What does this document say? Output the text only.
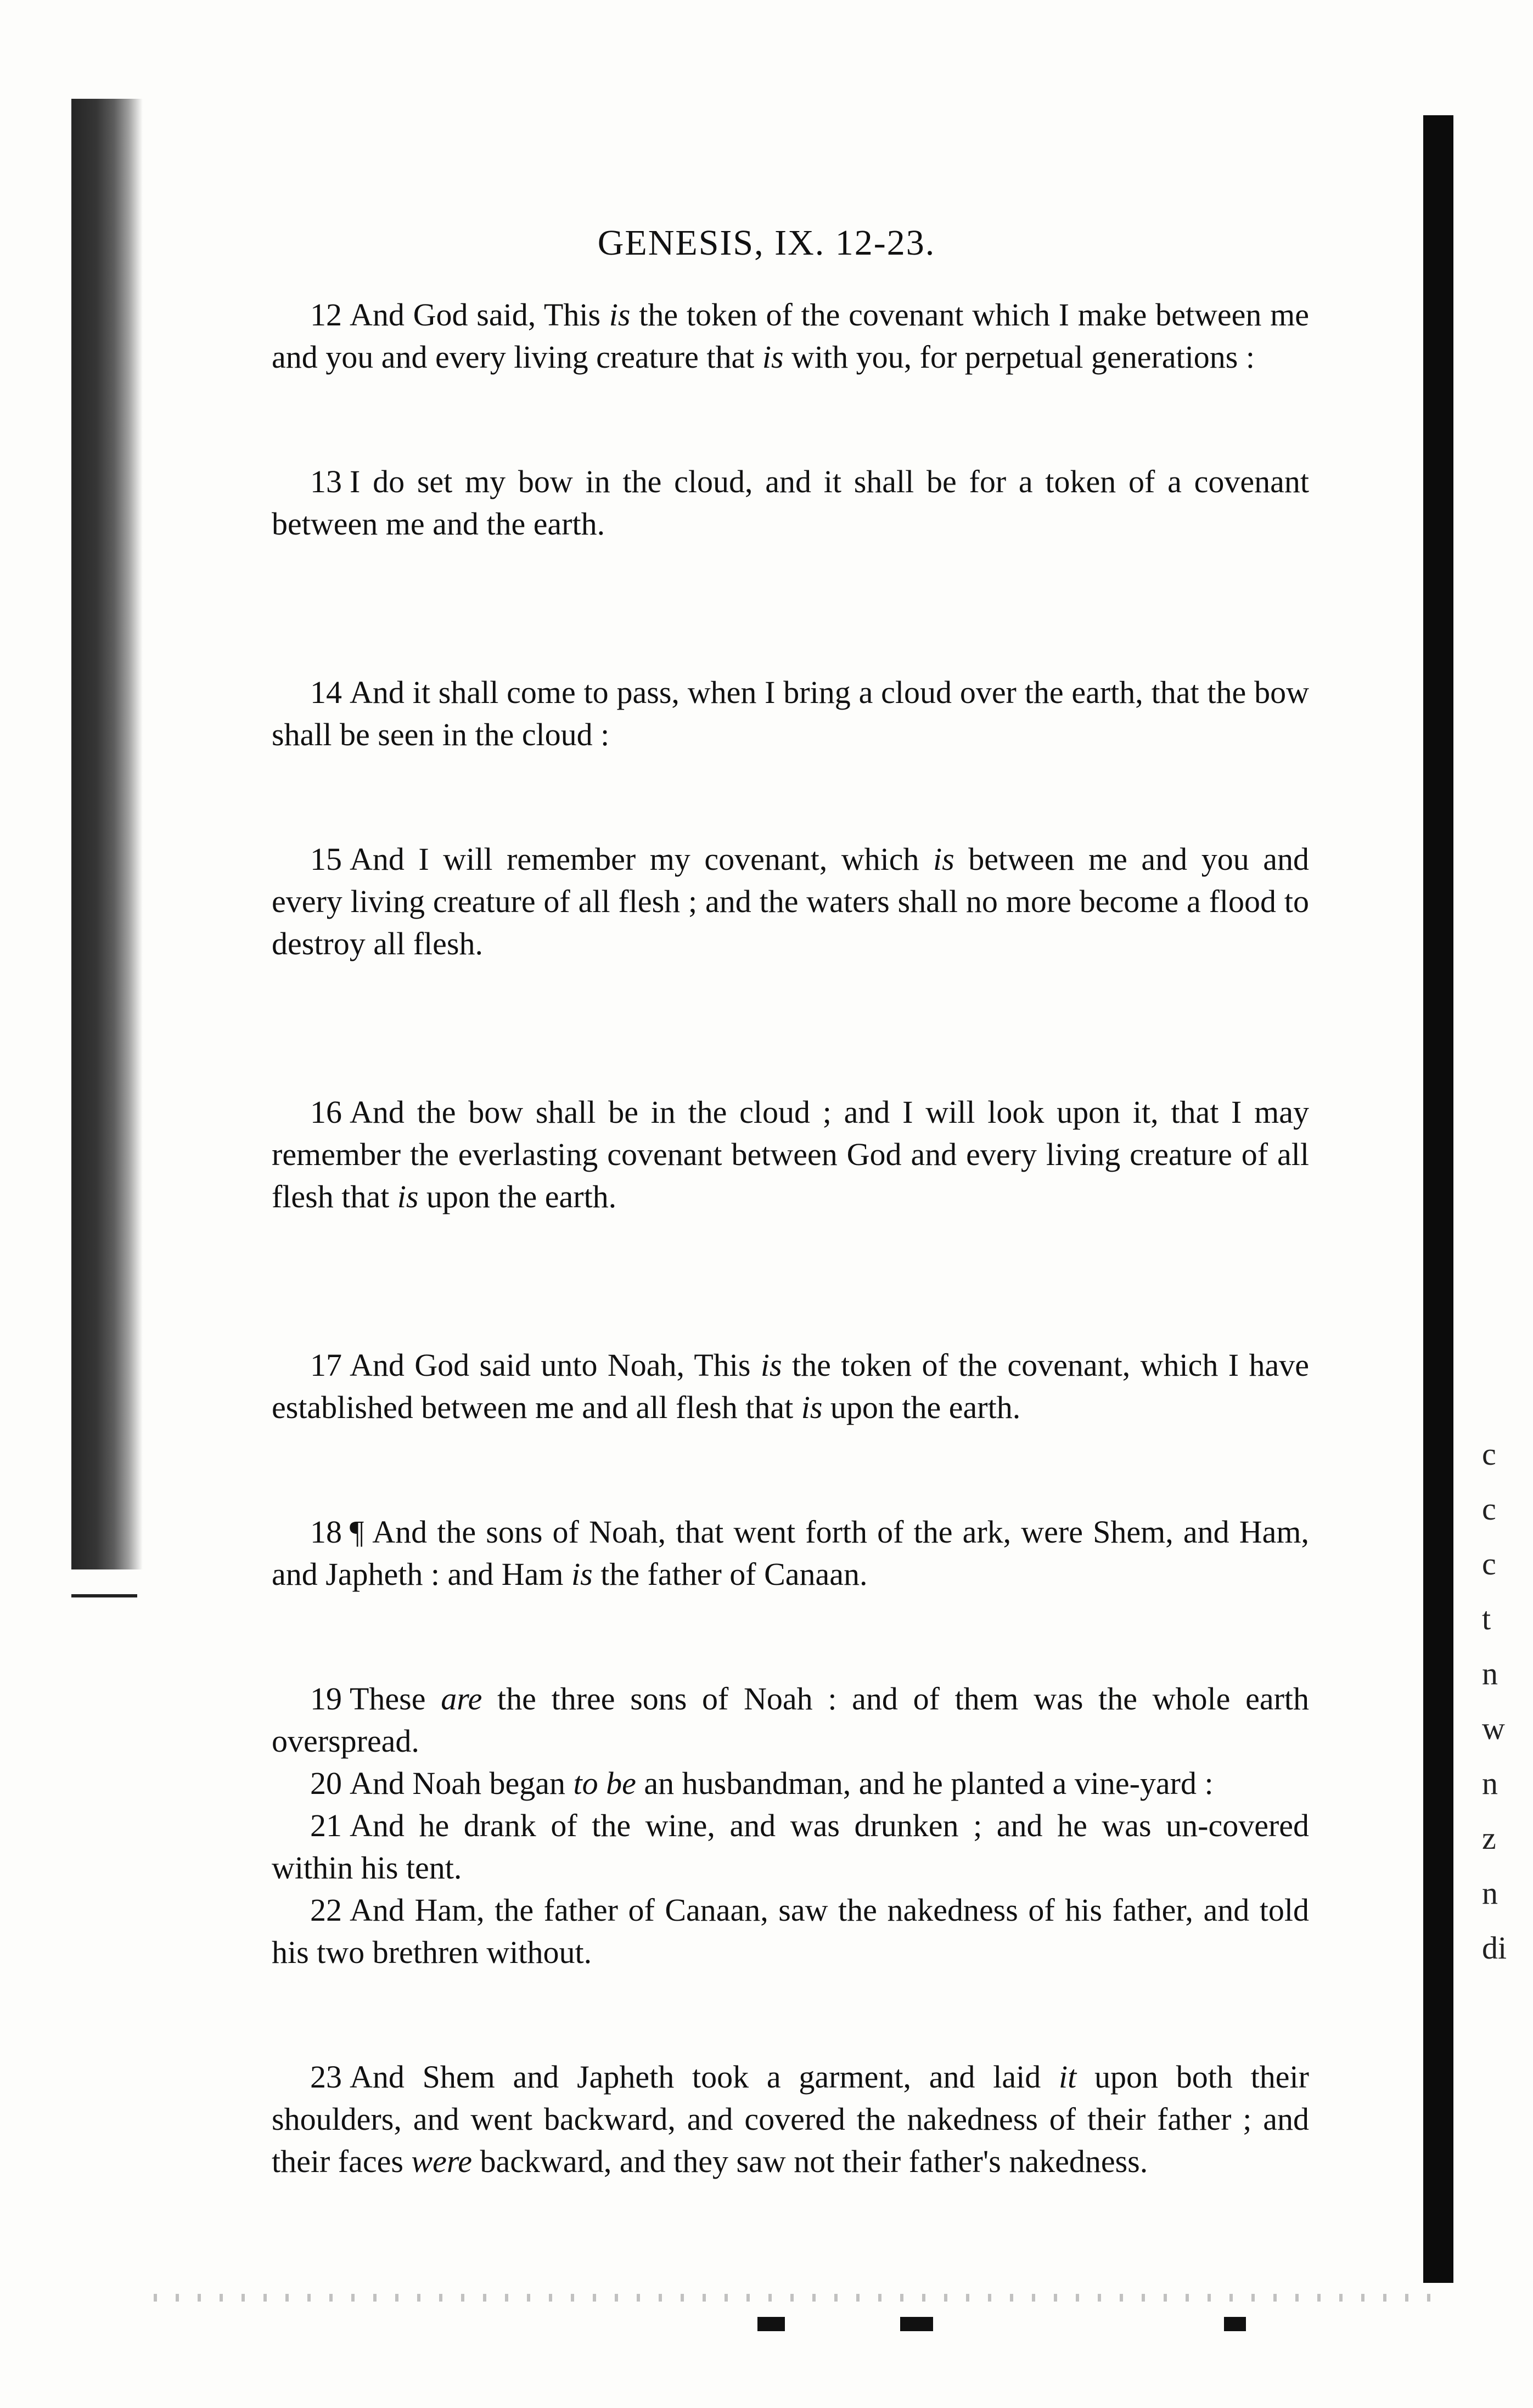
c
c
c
t
n
w
n
z
n
di
GENESIS, IX. 12-23.

12 And God said, This is the token of the covenant which I make between me and you and every living creature that is with you, for perpetual generations :

13 I do set my bow in the cloud, and it shall be for a token of a covenant between me and the earth.

14 And it shall come to pass, when I bring a cloud over the earth, that the bow shall be seen in the cloud :

15 And I will remember my covenant, which is between me and you and every living creature of all flesh ; and the waters shall no more become a flood to destroy all flesh.

16 And the bow shall be in the cloud ; and I will look upon it, that I may remember the everlasting covenant between God and every living creature of all flesh that is upon the earth.

17 And God said unto Noah, This is the token of the covenant, which I have established between me and all flesh that is upon the earth.

18 ¶ And the sons of Noah, that went forth of the ark, were Shem, and Ham, and Japheth : and Ham is the father of Canaan.

19 These are the three sons of Noah : and of them was the whole earth overspread.

20 And Noah began to be an husbandman, and he planted a vine-yard :

21 And he drank of the wine, and was drunken ; and he was un-covered within his tent.

22 And Ham, the father of Canaan, saw the nakedness of his father, and told his two brethren without.

23 And Shem and Japheth took a garment, and laid it upon both their shoulders, and went backward, and covered the nakedness of their father ; and their faces were backward, and they saw not their father's nakedness.
